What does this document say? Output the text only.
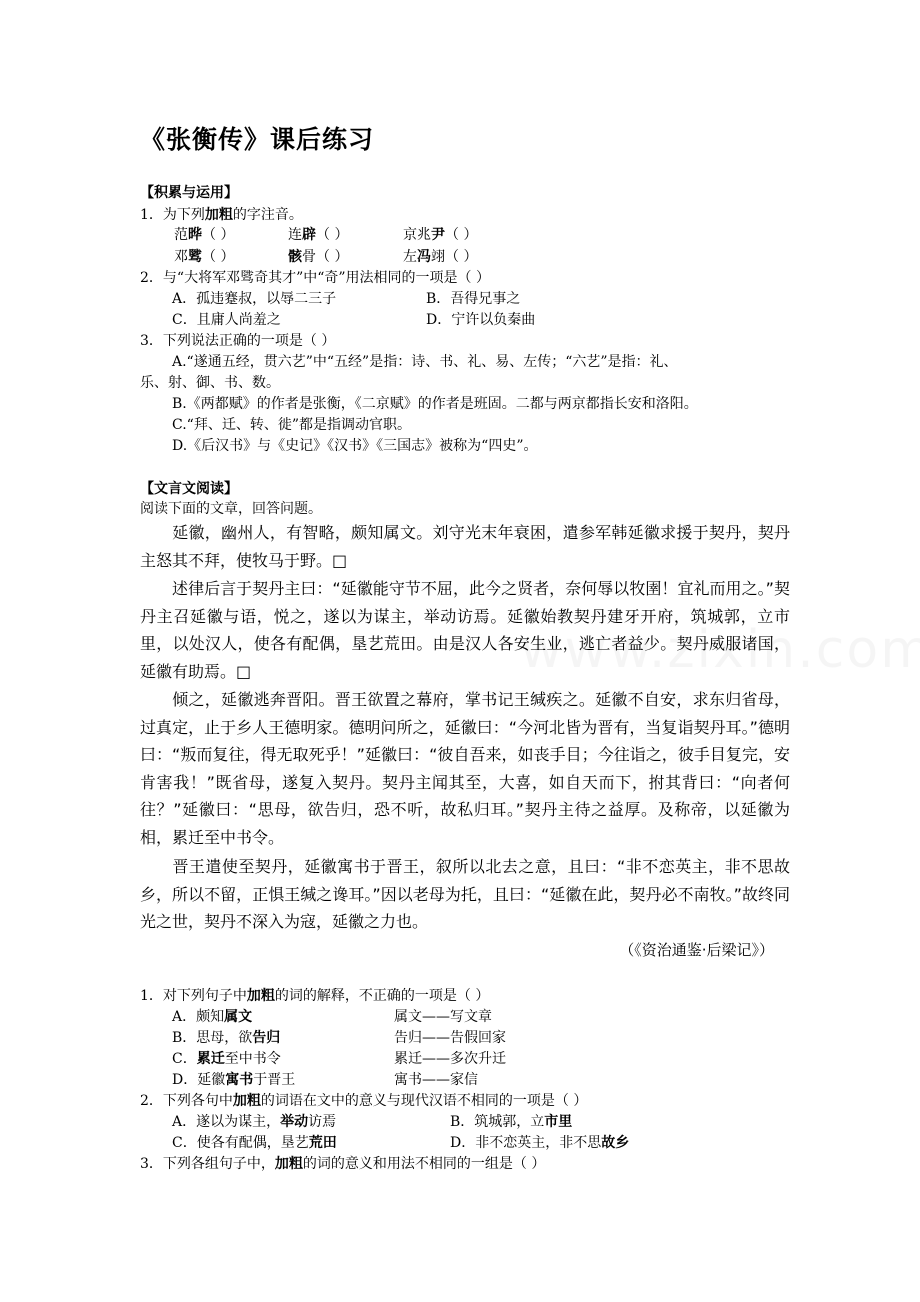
《张衡传》课后练习
【积累与运用】
1．为下列加粗的字注音。
范晔（ ）	连辟（ ）	京兆尹（ ）
邓骘（ ）	骸骨（ ）	左冯翊（ ）
2．与“大将军邓骘奇其才”中“奇”用法相同的一项是（ ）
A．孤违蹇叔，以辱二三子	B．吾得兄事之
C．且庸人尚羞之	D．宁许以负秦曲
3．下列说法正确的一项是（ ）
A.“遂通五经，贯六艺”中“五经”是指：诗、书、礼、易、左传；“六艺”是指：礼、
乐、射、御、书、数。
B.《两都赋》的作者是张衡，《二京赋》的作者是班固。二都与两京都指长安和洛阳。
C.“拜、迁、转、徙”都是指调动官职。
D.《后汉书》与《史记》《汉书》《三国志》被称为“四史”。
【文言文阅读】
阅读下面的文章，回答问题。
延徽，幽州人，有智略，颇知属文。刘守光末年衰困，遣参军韩延徽求援于契丹，契丹主怒其不拜，使牧马于野。□
述律后言于契丹主曰：“延徽能守节不屈，此今之贤者，奈何辱以牧圉！宜礼而用之。”契丹主召延徽与语，悦之，遂以为谋主，举动访焉。延徽始教契丹建牙开府，筑城郭，立市里，以处汉人，使各有配偶，垦艺荒田。由是汉人各安生业，逃亡者益少。契丹威服诸国，延徽有助焉。□
倾之，延徽逃奔晋阳。晋王欲置之幕府，掌书记王缄疾之。延徽不自安，求东归省母，过真定，止于乡人王德明家。德明问所之，延徽曰：“今河北皆为晋有，当复诣契丹耳。”德明曰：“叛而复往，得无取死乎！”延徽曰：“彼自吾来，如丧手目；今往诣之，彼手目复完，安肯害我！”既省母，遂复入契丹。契丹主闻其至，大喜，如自天而下，拊其背曰：“向者何往？”延徽曰：“思母，欲告归，恐不听，故私归耳。”契丹主待之益厚。及称帝，以延徽为相，累迁至中书令。
晋王遣使至契丹，延徽寓书于晋王，叙所以北去之意，且曰：“非不恋英主，非不思故乡，所以不留，正惧王缄之谗耳。”因以老母为托，且曰：“延徽在此，契丹必不南牧。”故终同光之世，契丹不深入为寇，延徽之力也。
（《资治通鉴·后梁记》）
1．对下列句子中加粗的词的解释，不正确的一项是（ ）
A．颇知属文	属文——写文章
B．思母，欲告归	告归——告假回家
C．累迁至中书令	累迁——多次升迁
D．延徽寓书于晋王	寓书——家信
2．下列各句中加粗的词语在文中的意义与现代汉语不相同的一项是（ ）
A．遂以为谋主，举动访焉	B．筑城郭，立市里
C．使各有配偶，垦艺荒田	D．非不恋英主，非不思故乡
3．下列各组句子中，加粗的词的意义和用法不相同的一组是（ ）
